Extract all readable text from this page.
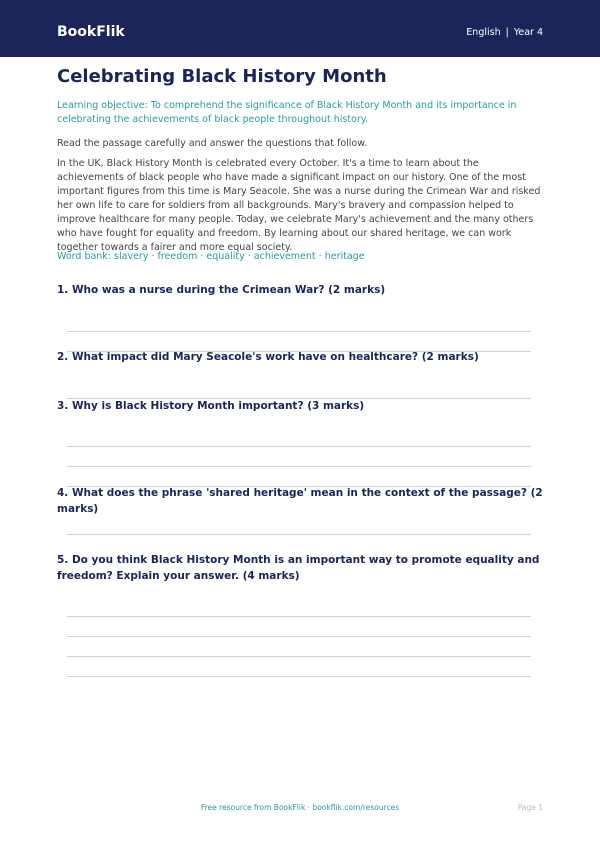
BookFlik	English | Year 4
Celebrating Black History Month
Learning objective: To comprehend the significance of Black History Month and its importance in celebrating the achievements of black people throughout history.
Read the passage carefully and answer the questions that follow.
In the UK, Black History Month is celebrated every October. It's a time to learn about the achievements of black people who have made a significant impact on our history. One of the most important figures from this time is Mary Seacole. She was a nurse during the Crimean War and risked her own life to care for soldiers from all backgrounds. Mary's bravery and compassion helped to improve healthcare for many people. Today, we celebrate Mary's achievement and the many others who have fought for equality and freedom. By learning about our shared heritage, we can work together towards a fairer and more equal society.
Word bank: slavery · freedom · equality · achievement · heritage
1. Who was a nurse during the Crimean War? (2 marks)
2. What impact did Mary Seacole's work have on healthcare? (2 marks)
3. Why is Black History Month important? (3 marks)
4. What does the phrase 'shared heritage' mean in the context of the passage? (2 marks)
5. Do you think Black History Month is an important way to promote equality and freedom? Explain your answer. (4 marks)
Free resource from BookFlik · bookflik.com/resources	Page 1
